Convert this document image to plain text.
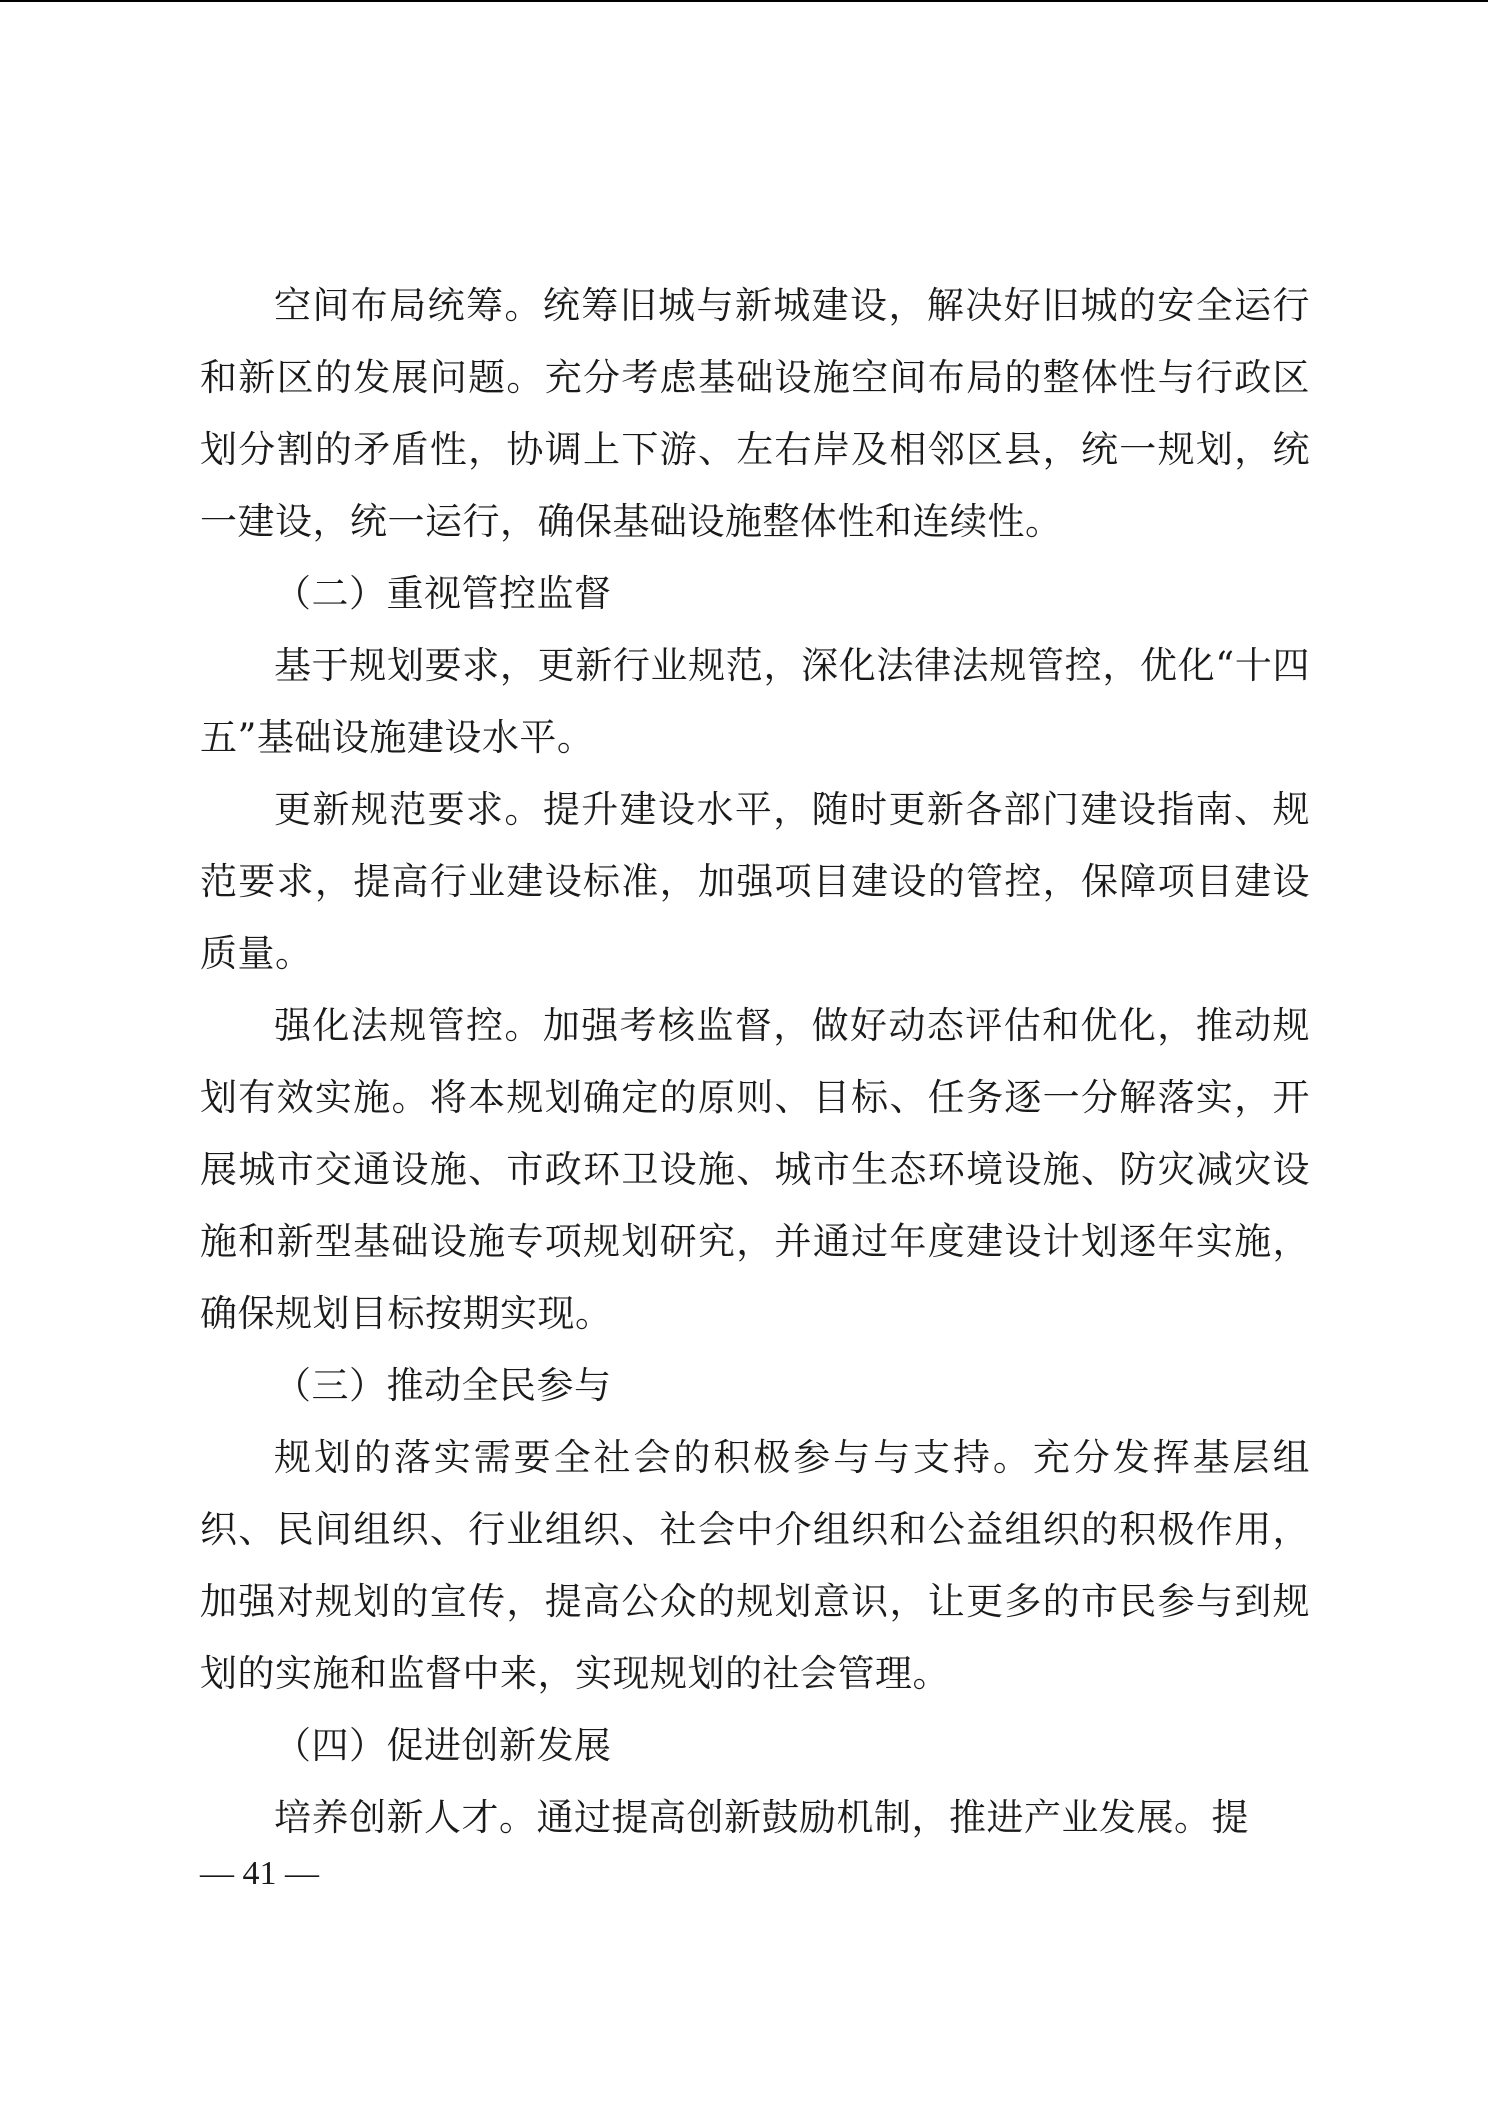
空间布局统筹。统筹旧城与新城建设，解决好旧城的安全运行和新区的发展问题。充分考虑基础设施空间布局的整体性与行政区划分割的矛盾性，协调上下游、左右岸及相邻区县，统一规划，统一建设，统一运行，确保基础设施整体性和连续性。

（二）重视管控监督

基于规划要求，更新行业规范，深化法律法规管控，优化“十四五”基础设施建设水平。

更新规范要求。提升建设水平，随时更新各部门建设指南、规范要求，提高行业建设标准，加强项目建设的管控，保障项目建设质量。

强化法规管控。加强考核监督，做好动态评估和优化，推动规划有效实施。将本规划确定的原则、目标、任务逐一分解落实，开展城市交通设施、市政环卫设施、城市生态环境设施、防灾减灾设施和新型基础设施专项规划研究，并通过年度建设计划逐年实施，确保规划目标按期实现。

（三）推动全民参与

规划的落实需要全社会的积极参与与支持。充分发挥基层组织、民间组织、行业组织、社会中介组织和公益组织的积极作用，加强对规划的宣传，提高公众的规划意识，让更多的市民参与到规划的实施和监督中来，实现规划的社会管理。

（四）促进创新发展

培养创新人才。通过提高创新鼓励机制，推进产业发展。提

— 41 —
